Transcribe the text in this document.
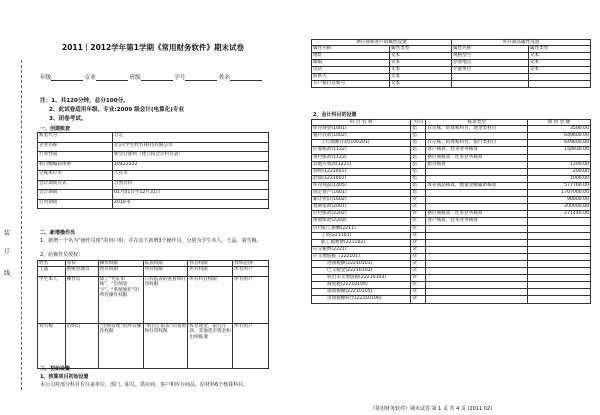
2011｜2012学年第1学期《常用财务软件》期末试卷
年级	专业	班级	学号	姓名
注：1、共120分钟，总分100分。
2、此试卷适用年级、专业:2009 级会计(电算化)专业
3、闭卷考试。
装
订
线
一、创建账套
账套代号	自定
企业名称	北京(学生姓名)科技有限公司
行业性质	新会计准则（建立按会计科目表）
科目级编码体系	10422222
记账本位币	人民币
会计期间方式	自然月份
会计期间	01月01日至12月31日
启用期间	2010-6
二、新增操作员
1、新增一个名为“操作员组”的用户组，并在其下新增3个操作员，分别为学生本人、王晶、刘雪梅。
2、给操作员授权：
姓名	身份	操作权限	报表权限	科目权限	授权范围
王晶	系统管理员	所有权限	所有权限	所有权限	所有用户
学生本人	操作员	除了“凭证审核”、“出纳签字”、“系统维护”的所有操作权限	只有报表的查看和打印权限	所有科目权限	所有用户
刘雪梅	出纳员	“出纳管理”的所有操作权限	“科目汇报表”的查看和打印权限	库存现金、银行存款、其他货币资金和出纳账簿	所有用户
三、初始设置
1、核算项目初始设置
本公司对部分科目有往来单位、部门、职员、供应商、客户和库存商品、原材料6个核算科目。
供应商和客户的属性设置		库存商品属性设置	
属性名称	属性类型	属性名称	属性类型
地址	文本	规格型号	文本
邮编	文本	存放地点	文本
电话	文本	计量单位	文本
联系人	文本		
开户银行及账号	文本		
2、会计科目的设置
科 目 名 称	方向	核算类型	期 初 金 额
库存现金(1001)	借	日记账、结算账科目、现金类科目	3500.00
银行存款(1002)	借		649600.00
工行储蓄存款(100201)	借	日记账、结算账科目、银行类科目	649600.00
应收账款(1122)	借	客户核算，往来业务核算	150930.00
预付账款(1123)	借	供应商核算，往来业务核算	
其他应收款(1221)	借	职员核算	1200.00
刘瑶(1221001)	借		200.00
赵斌(1221002)	借		1000.00
库存商品(1405)	借	库存商品核算，数量金额辅助核算	577760.00
固定资产(1601)	借		1707000.00
累计折旧(1602)	贷		90000.00
短期借款(2001)	贷		200000.00
应付账款(2202)	贷	供应商核算，往来业务核算	271440.00
预收账款(2203)	贷	客户核算，往来业务核算	
应付职工薪酬(2211)	贷		
工资(221101)	贷		
职工福利费(221102)	贷		
应交税费(2221)	贷		
应交增值税（222101)	贷		
进项税额(22210101)	贷		
已交税金(22210102)	贷		
转出未交增值税(22210103)	贷		
减免税(22210104)	贷		
销项税额(22210105)	贷		
进项税额转出(22210106)	贷		
《常用财务软件》期末试卷 第 1 页 共 4 页 (2011 02)
